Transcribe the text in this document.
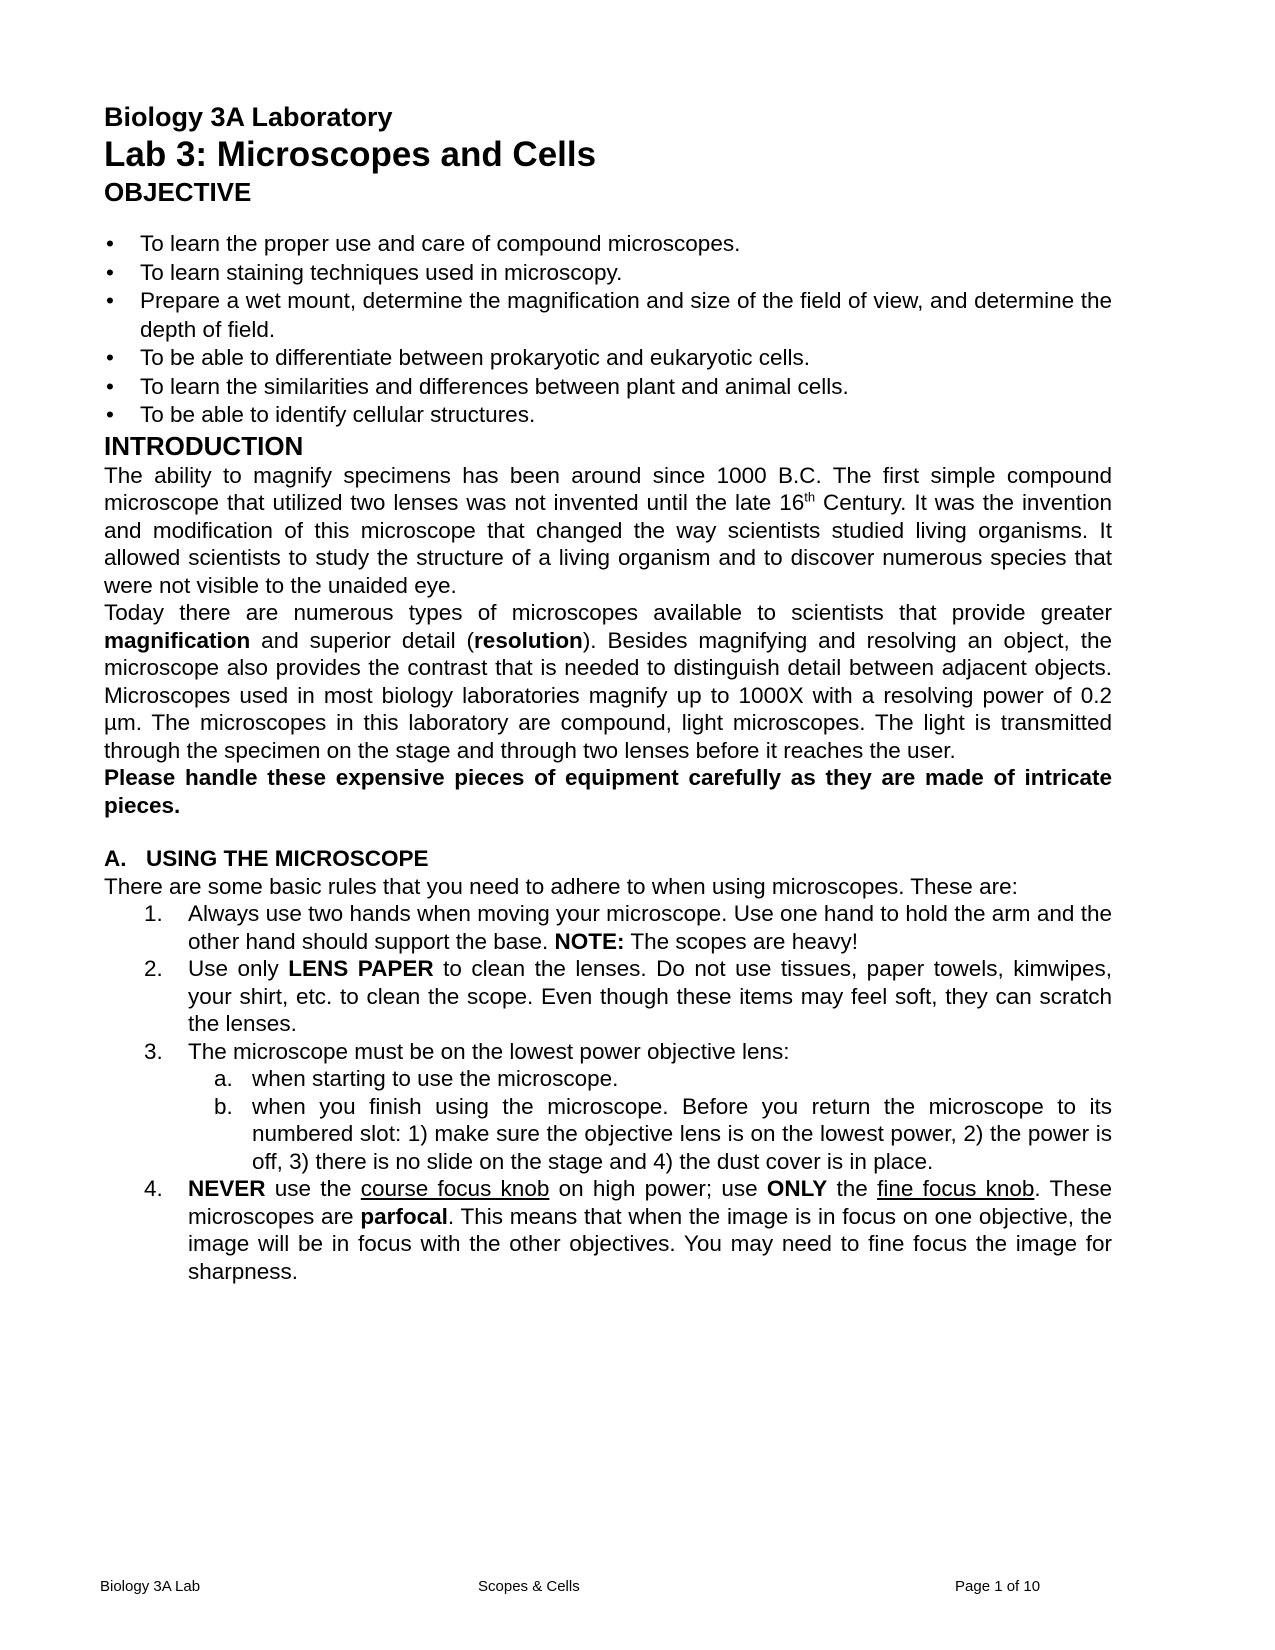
Biology 3A Laboratory
Lab 3: Microscopes and Cells
OBJECTIVE
• To learn the proper use and care of compound microscopes.
• To learn staining techniques used in microscopy.
• Prepare a wet mount, determine the magnification and size of the field of view, and determine the depth of field.
• To be able to differentiate between prokaryotic and eukaryotic cells.
• To learn the similarities and differences between plant and animal cells.
• To be able to identify cellular structures.
INTRODUCTION

The ability to magnify specimens has been around since 1000 B.C. The first simple compound microscope that utilized two lenses was not invented until the late 16th Century. It was the invention and modification of this microscope that changed the way scientists studied living organisms. It allowed scientists to study the structure of a living organism and to discover numerous species that were not visible to the unaided eye.

Today there are numerous types of microscopes available to scientists that provide greater magnification and superior detail (resolution). Besides magnifying and resolving an object, the microscope also provides the contrast that is needed to distinguish detail between adjacent objects. Microscopes used in most biology laboratories magnify up to 1000X with a resolving power of 0.2 µm. The microscopes in this laboratory are compound, light microscopes. The light is transmitted through the specimen on the stage and through two lenses before it reaches the user.

Please handle these expensive pieces of equipment carefully as they are made of intricate pieces.

A. USING THE MICROSCOPE

There are some basic rules that you need to adhere to when using microscopes. These are:

1. Always use two hands when moving your microscope. Use one hand to hold the arm and the other hand should support the base. NOTE: The scopes are heavy!
2. Use only LENS PAPER to clean the lenses. Do not use tissues, paper towels, kimwipes, your shirt, etc. to clean the scope. Even though these items may feel soft, they can scratch the lenses.
3. The microscope must be on the lowest power objective lens:
a. when starting to use the microscope.
b. when you finish using the microscope. Before you return the microscope to its numbered slot: 1) make sure the objective lens is on the lowest power, 2) the power is off, 3) there is no slide on the stage and 4) the dust cover is in place.
4. NEVER use the course focus knob on high power; use ONLY the fine focus knob. These microscopes are parfocal. This means that when the image is in focus on one objective, the image will be in focus with the other objectives. You may need to fine focus the image for sharpness.
Biology 3A Lab	Scopes & Cells	Page 1 of 10
